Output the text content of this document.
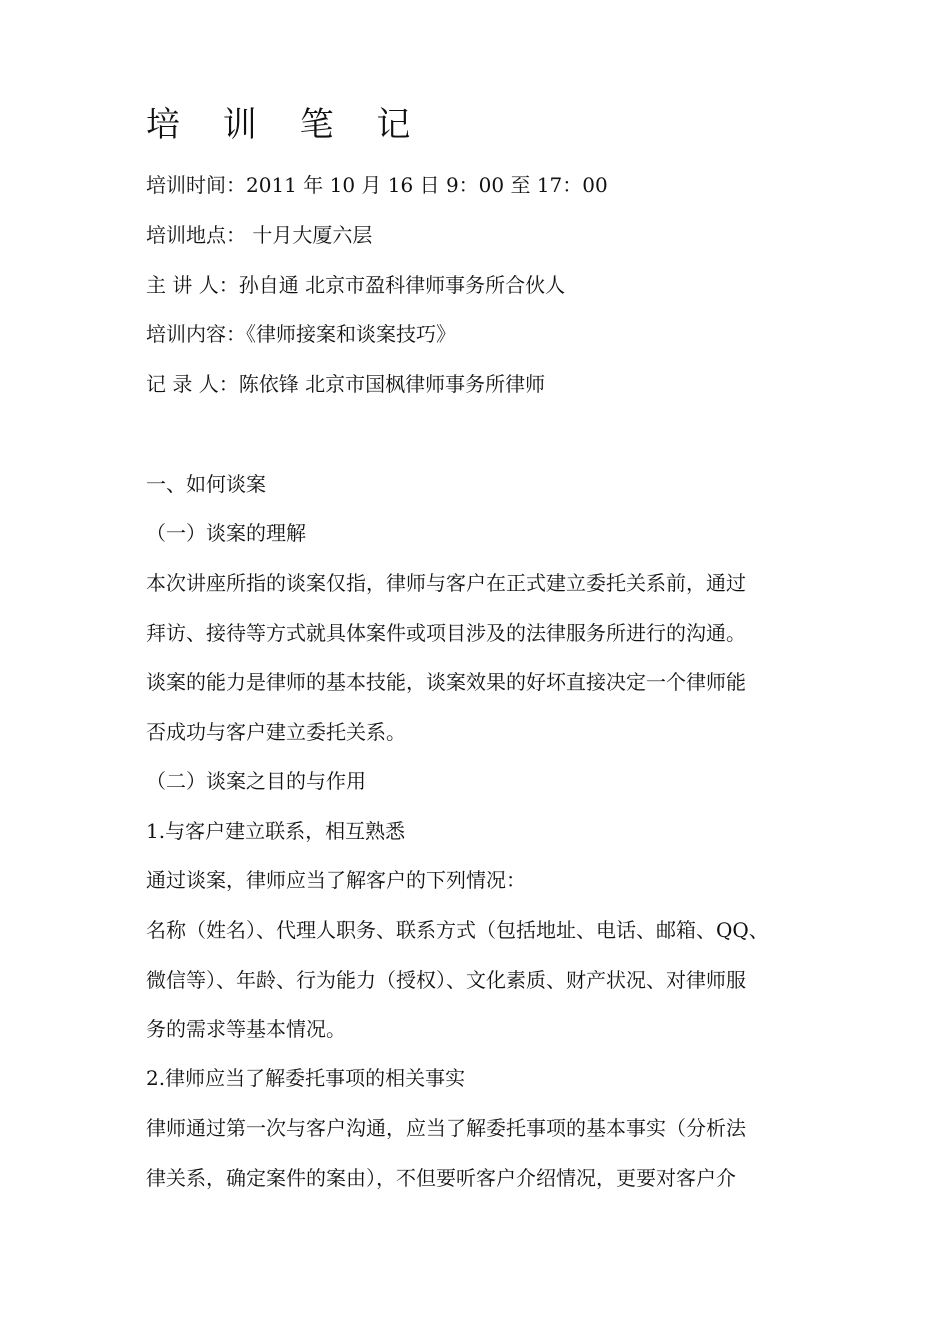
培 训 笔 记
培训时间：2011 年 10 月 16 日 9：00 至 17：00
培训地点： 十月大厦六层
主 讲 人：孙自通 北京市盈科律师事务所合伙人
培训内容：《律师接案和谈案技巧》
记 录 人：陈依锋 北京市国枫律师事务所律师
一、如何谈案
（一）谈案的理解
本次讲座所指的谈案仅指，律师与客户在正式建立委托关系前，通过
拜访、接待等方式就具体案件或项目涉及的法律服务所进行的沟通。
谈案的能力是律师的基本技能，谈案效果的好坏直接决定一个律师能
否成功与客户建立委托关系。
（二）谈案之目的与作用
1.与客户建立联系，相互熟悉
通过谈案，律师应当了解客户的下列情况：
名称（姓名）、代理人职务、联系方式（包括地址、电话、邮箱、QQ、
微信等）、年龄、行为能力（授权）、文化素质、财产状况、对律师服
务的需求等基本情况。
2.律师应当了解委托事项的相关事实
律师通过第一次与客户沟通，应当了解委托事项的基本事实（分析法
律关系，确定案件的案由），不但要听客户介绍情况，更要对客户介
